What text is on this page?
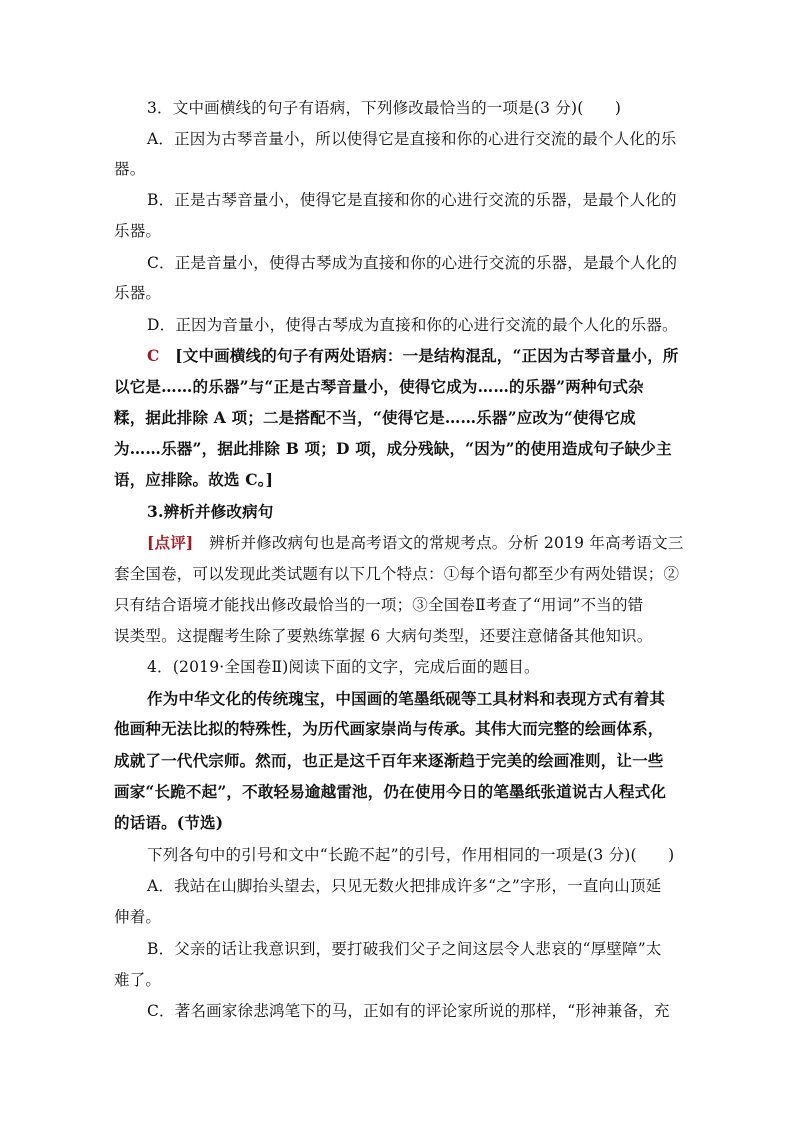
3．文中画横线的句子有语病，下列修改最恰当的一项是(3 分)(　　)
A．正因为古琴音量小，所以使得它是直接和你的心进行交流的最个人化的乐
器。
B．正是古琴音量小，使得它是直接和你的心进行交流的乐器，是最个人化的
乐器。
C．正是音量小，使得古琴成为直接和你的心进行交流的乐器，是最个人化的
乐器。
D．正因为音量小，使得古琴成为直接和你的心进行交流的最个人化的乐器。
C　 [文中画横线的句子有两处语病：一是结构混乱，“正因为古琴音量小，所
以它是……的乐器”与“正是古琴音量小，使得它成为……的乐器”两种句式杂
糅，据此排除 A 项；二是搭配不当，“使得它是……乐器”应改为“使得它成
为……乐器”，据此排除 B 项；D 项，成分残缺，“因为”的使用造成句子缺少主
语，应排除。故选 C。]
3.辨析并修改病句
[点评]　辨析并修改病句也是高考语文的常规考点。分析 2019 年高考语文三
套全国卷，可以发现此类试题有以下几个特点：①每个语句都至少有两处错误；②
只有结合语境才能找出修改最恰当的一项；③全国卷Ⅱ考查了“用词”不当的错
误类型。这提醒考生除了要熟练掌握 6 大病句类型，还要注意储备其他知识。
4．(2019·全国卷Ⅱ)阅读下面的文字，完成后面的题目。
作为中华文化的传统瑰宝，中国画的笔墨纸砚等工具材料和表现方式有着其
他画种无法比拟的特殊性，为历代画家崇尚与传承。其伟大而完整的绘画体系，
成就了一代代宗师。然而，也正是这千百年来逐渐趋于完美的绘画准则，让一些
画家“长跪不起”，不敢轻易逾越雷池，仍在使用今日的笔墨纸张道说古人程式化
的话语。(节选)
下列各句中的引号和文中“长跪不起”的引号，作用相同的一项是(3 分)(　　)
A．我站在山脚抬头望去，只见无数火把排成许多“之”字形，一直向山顶延
伸着。
B．父亲的话让我意识到，要打破我们父子之间这层令人悲哀的“厚壁障”太
难了。
C．著名画家徐悲鸿笔下的马，正如有的评论家所说的那样，“形神兼备，充
